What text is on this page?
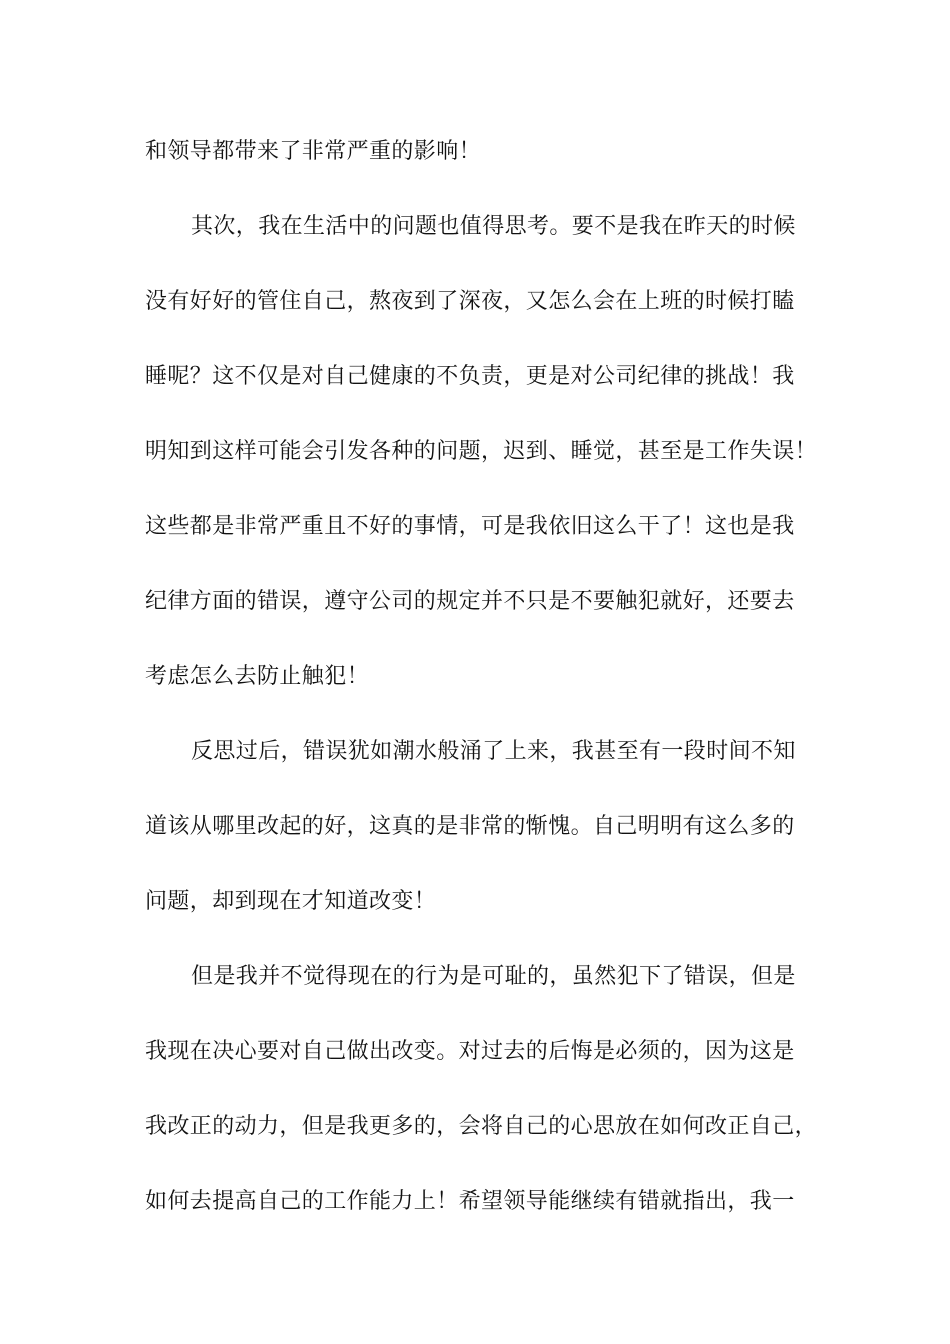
和领导都带来了非常严重的影响！
其次，我在生活中的问题也值得思考。要不是我在昨天的时候
没有好好的管住自己，熬夜到了深夜，又怎么会在上班的时候打瞌
睡呢？这不仅是对自己健康的不负责，更是对公司纪律的挑战！我
明知到这样可能会引发各种的问题，迟到、睡觉，甚至是工作失误！
这些都是非常严重且不好的事情，可是我依旧这么干了！这也是我
纪律方面的错误，遵守公司的规定并不只是不要触犯就好，还要去
考虑怎么去防止触犯！
反思过后，错误犹如潮水般涌了上来，我甚至有一段时间不知
道该从哪里改起的好，这真的是非常的惭愧。自己明明有这么多的
问题，却到现在才知道改变！
但是我并不觉得现在的行为是可耻的，虽然犯下了错误，但是
我现在决心要对自己做出改变。对过去的后悔是必须的，因为这是
我改正的动力，但是我更多的，会将自己的心思放在如何改正自己，
如何去提高自己的工作能力上！希望领导能继续有错就指出，我一
